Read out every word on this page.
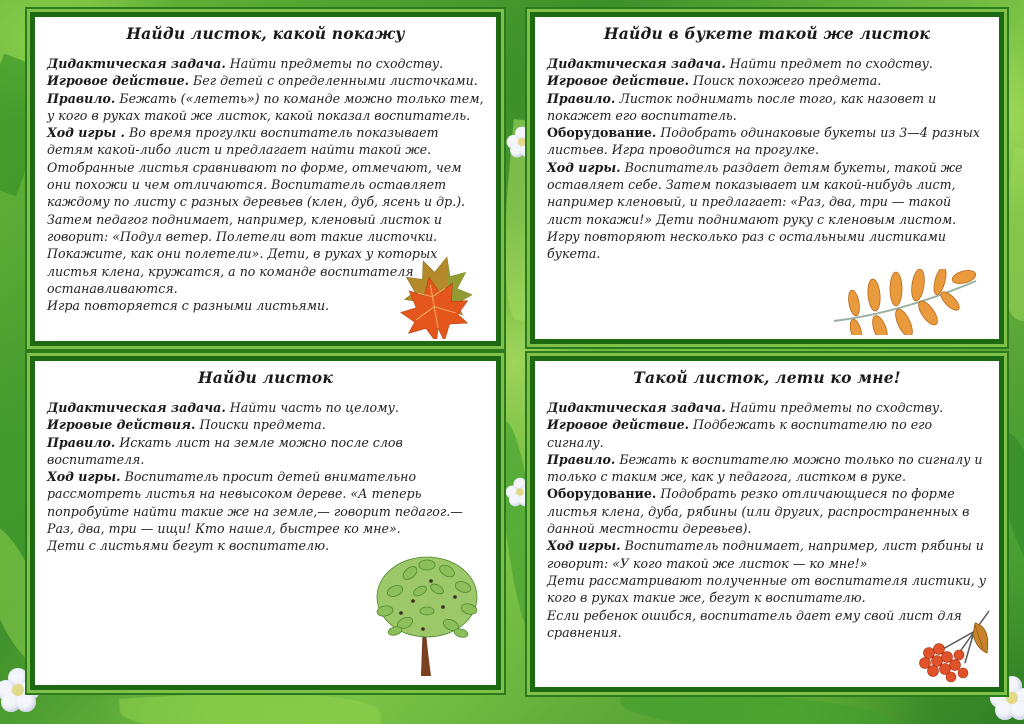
Найди листок, какой покажу

Дидактическая задача. Найти предметы по сходству.

Игровое действие. Бег детей с определенными листочками.

Правило. Бежать («лететь») по команде можно только тем, у кого в руках такой же листок, какой показал воспитатель.

Ход игры . Во время прогулки воспитатель показывает детям какой-либо лист и предлагает найти такой же.

Отобранные листья сравнивают по форме, отмечают, чем они похожи и чем отличаются. Воспитатель оставляет каждому по листу с разных деревьев (клен, дуб, ясень и др.).

Затем педагог поднимает, например, кленовый листок и говорит: «Подул ветер. Полетели вот такие листочки. Покажите, как они полетели». Дети, в руках у которых листья клена, кружатся, а по команде воспитателя останавливаются.

Игра повторяется с разными листьями.

Найди в букете такой же листок

Дидактическая задача. Найти предмет по сходству.

Игровое действие. Поиск похожего предмета.

Правило. Листок поднимать после того, как назовет и покажет его воспитатель.

Оборудование. Подобрать одинаковые букеты из 3—4 разных листьев. Игра проводится на прогулке.

Ход игры. Воспитатель раздает детям букеты, такой же оставляет себе. Затем показывает им какой-нибудь лист, например кленовый, и предлагает: «Раз, два, три — такой лист покажи!» Дети поднимают руку с кленовым листом.

Игру повторяют несколько раз с остальными листиками букета.

Найди листок

Дидактическая задача. Найти часть по целому.

Игровые действия. Поиски предмета.

Правило. Искать лист на земле можно после слов воспитателя.

Ход игры. Воспитатель просит детей внимательно рассмотреть листья на невысоком дереве. «А теперь попробуйте найти такие же на земле,— говорит педагог.— Раз, два, три — ищи! Кто нашел, быстрее ко мне».

Дети с листьями бегут к воспитателю.

Такой листок, лети ко мне!

Дидактическая задача. Найти предметы по сходству.

Игровое действие. Подбежать к воспитателю по его сигналу.

Правило. Бежать к воспитателю можно только по сигналу и только с таким же, как у педагога, листком в руке.

Оборудование. Подобрать резко отличающиеся по форме листья клена, дуба, рябины (или других, распространенных в данной местности деревьев).

Ход игры. Воспитатель поднимает, например, лист рябины и говорит: «У кого такой же листок — ко мне!»

Дети рассматривают полученные от воспитателя листики, у кого в руках такие же, бегут к воспитателю.

Если ребенок ошибся, воспитатель дает ему свой лист для сравнения.
